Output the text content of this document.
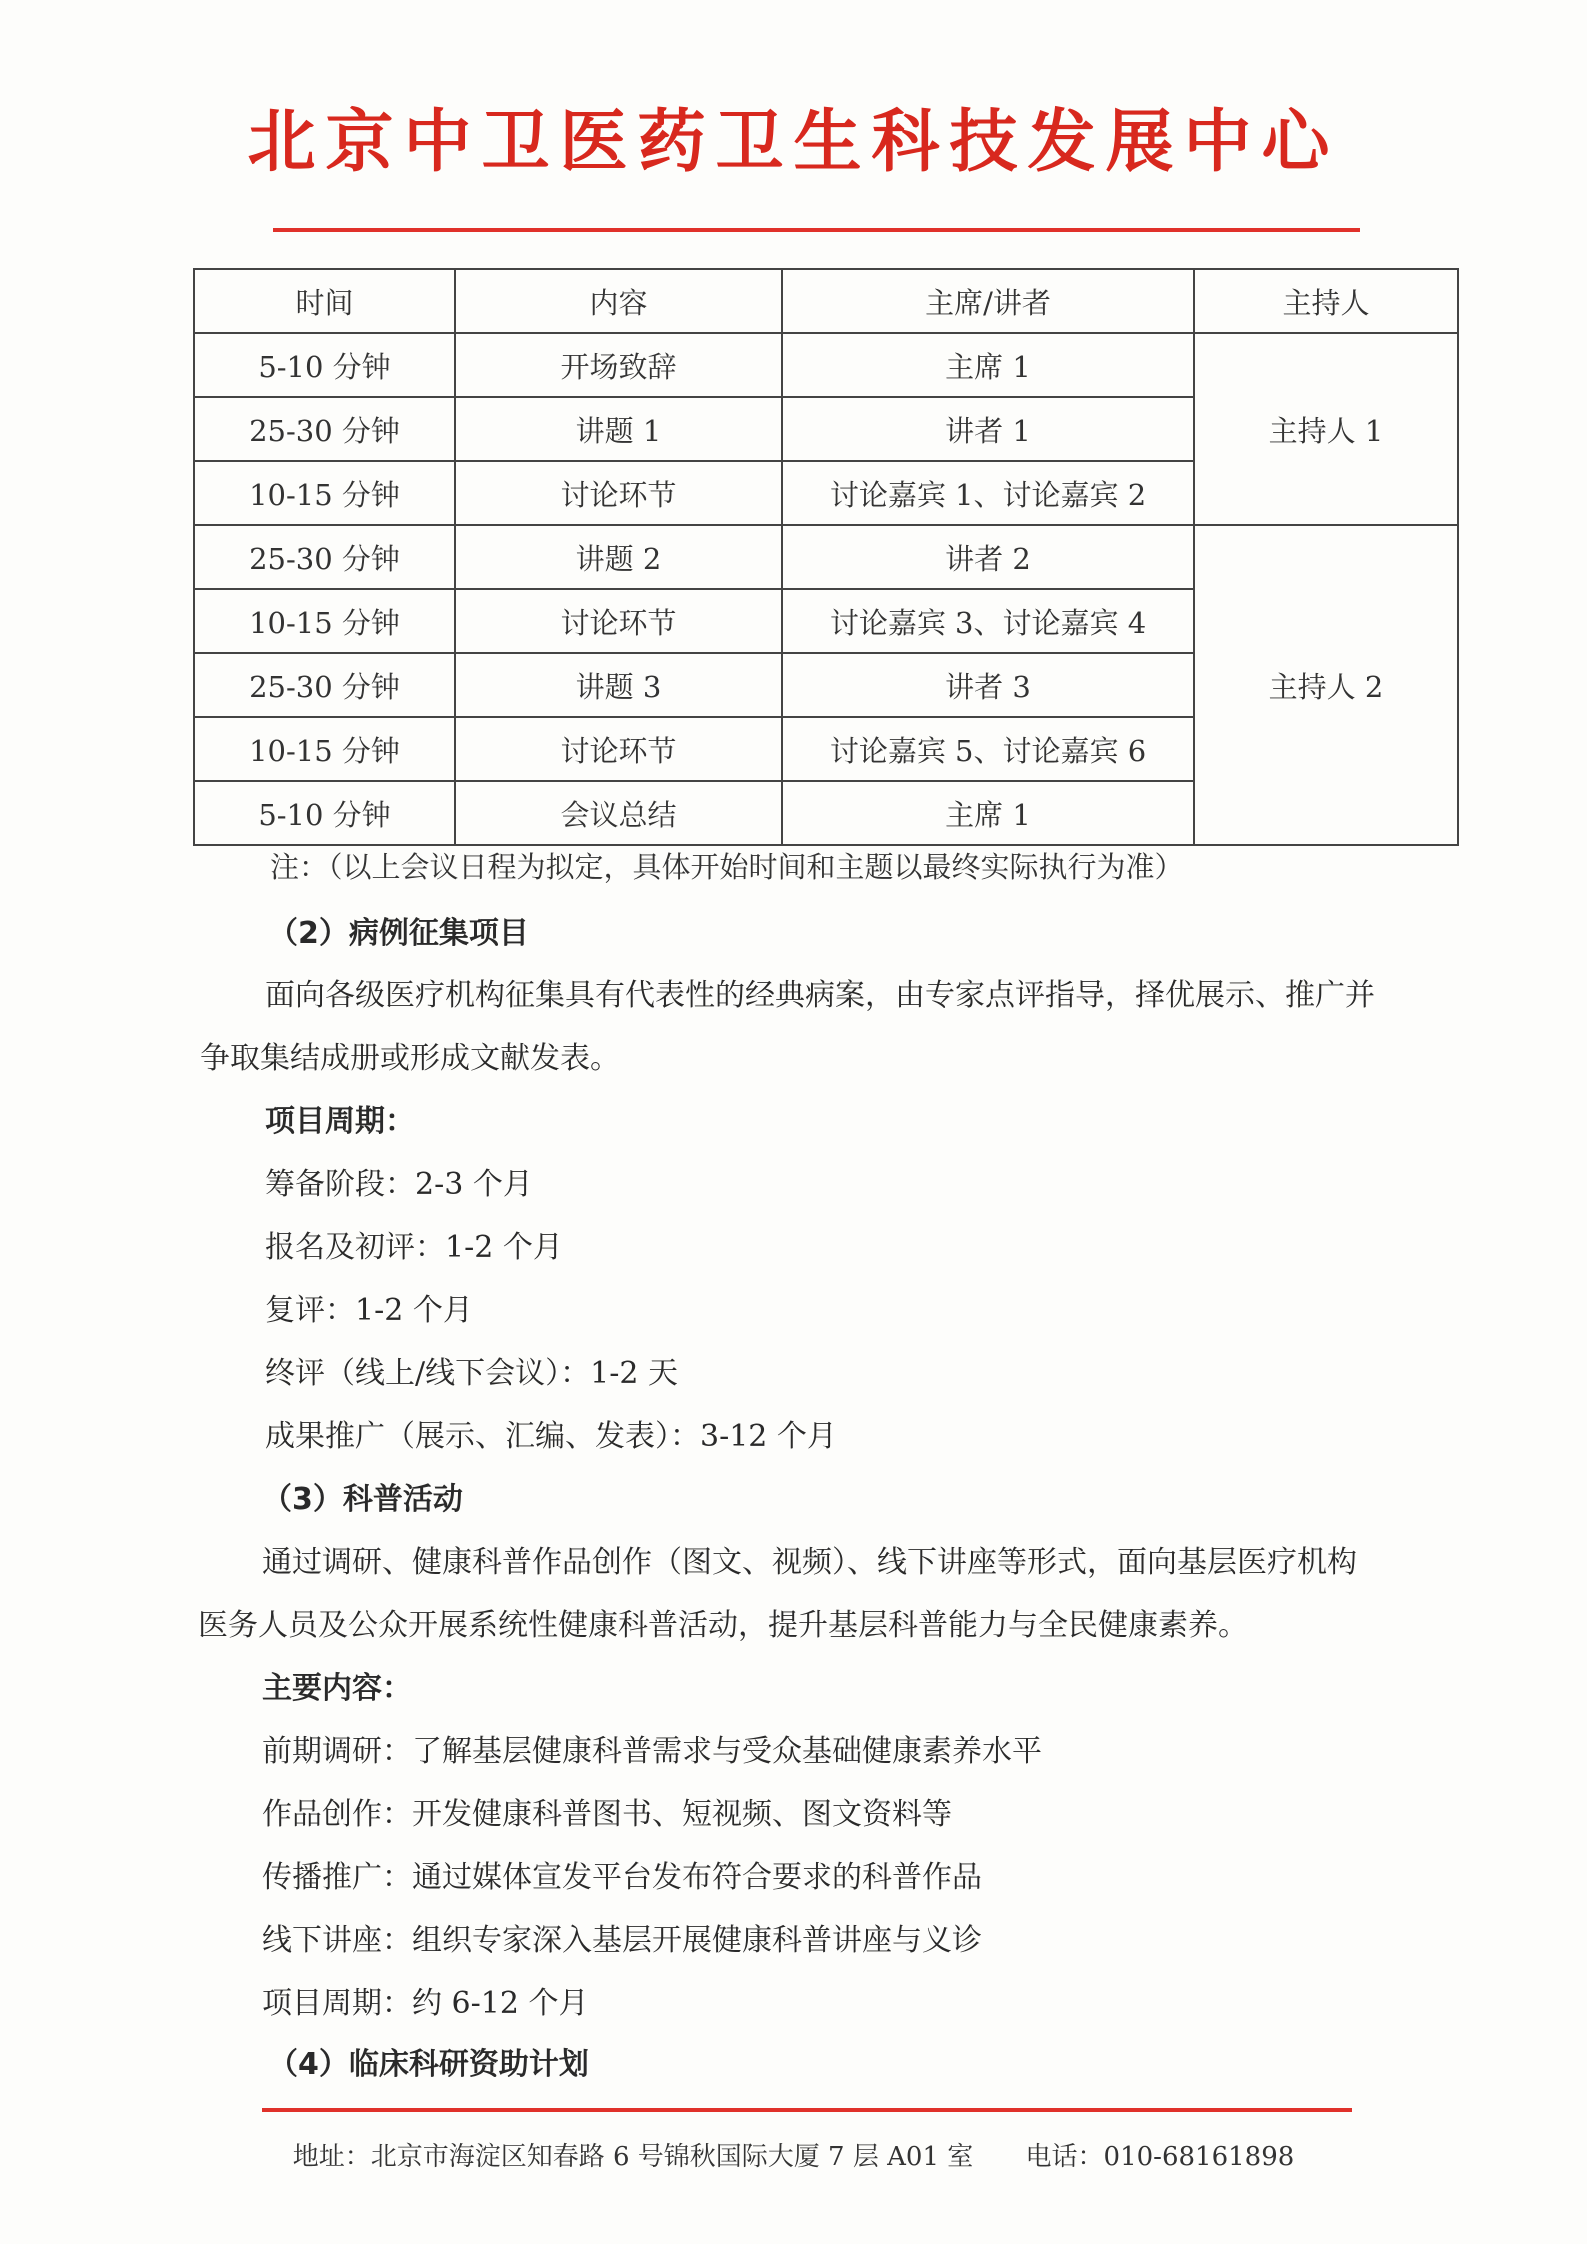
北京中卫医药卫生科技发展中心
时间	内容	主席/讲者	主持人
5-10 分钟	开场致辞	主席 1	主持人 1
25-30 分钟	讲题 1	讲者 1	
10-15 分钟	讨论环节	讨论嘉宾 1、讨论嘉宾 2	
25-30 分钟	讲题 2	讲者 2	主持人 2
10-15 分钟	讨论环节	讨论嘉宾 3、讨论嘉宾 4	
25-30 分钟	讲题 3	讲者 3	
10-15 分钟	讨论环节	讨论嘉宾 5、讨论嘉宾 6	
5-10 分钟	会议总结	主席 1	
注：（以上会议日程为拟定，具体开始时间和主题以最终实际执行为准）
（2）病例征集项目
面向各级医疗机构征集具有代表性的经典病案，由专家点评指导，择优展示、推广并
争取集结成册或形成文献发表。
项目周期：
筹备阶段：2-3 个月
报名及初评：1-2 个月
复评：1-2 个月
终评（线上/线下会议）：1-2 天
成果推广（展示、汇编、发表）：3-12 个月
（3）科普活动
通过调研、健康科普作品创作（图文、视频）、线下讲座等形式，面向基层医疗机构
医务人员及公众开展系统性健康科普活动，提升基层科普能力与全民健康素养。
主要内容：
前期调研：了解基层健康科普需求与受众基础健康素养水平
作品创作：开发健康科普图书、短视频、图文资料等
传播推广：通过媒体宣发平台发布符合要求的科普作品
线下讲座：组织专家深入基层开展健康科普讲座与义诊
项目周期：约 6-12 个月
（4）临床科研资助计划
地址：北京市海淀区知春路 6 号锦秋国际大厦 7 层 A01 室 电话：010-68161898
